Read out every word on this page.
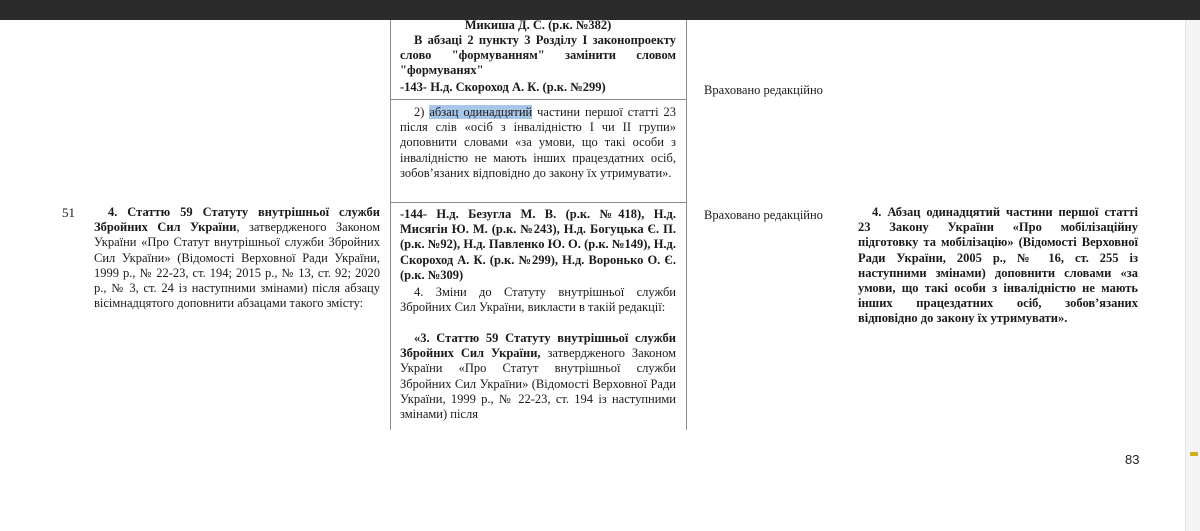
51	4. Статтю 59 Статуту внутрішньої служби Збройних Сил України, затвердженого Законом України «Про Статут внутрішньої служби Збройних Сил України» (Відомості Верховної Ради України, 1999 р., № 22-23, ст. 194; 2015 р., № 13, ст. 92; 2020 р., № 3, ст. 24 із наступними змінами) після абзацу вісімнадцятого доповнити абзацами такого змісту:

Микиша Д. С. (р.к. №382)
В абзаці 2 пункту 3 Розділу І законопроекту слово "формуванням" замінити словом "формуванях"
-143- Н.д. Скороход А. К. (р.к. №299)
2) абзац одинадцятий частини першої статті 23 після слів «осіб з інвалідністю І чи ІІ групи» доповнити словами «за умови, що такі особи з інвалідністю не мають інших працездатних осіб, зобов’язаних відповідно до закону їх утримувати».
-144- Н.д. Безугла М. В. (р.к. №418), Н.д. Мисягін Ю. М. (р.к. №243), Н.д. Богуцька Є. П. (р.к. №92), Н.д. Павленко Ю. О. (р.к. №149), Н.д. Скороход А. К. (р.к. №299), Н.д. Воронько О. Є. (р.к. №309)
4. Зміни до Статуту внутрішньої служби Збройних Сил України, викласти в такій редакції:
«3. Статтю 59 Статуту внутрішньої служби Збройних Сил України, затвердженого Законом України «Про Статут внутрішньої служби Збройних Сил України» (Відомості Верховної Ради України, 1999 р., № 22-23, ст. 194 із наступними змінами) після
Враховано редакційно
Враховано редакційно	4. Абзац одинадцятий частини першої статті 23 Закону України «Про мобілізаційну підготовку та мобілізацію» (Відомості Верховної Ради України, 2005 р., № 16, ст. 255 із наступними змінами) доповнити словами «за умови, що такі особи з інвалідністю не мають інших працездатних осіб, зобов’язаних відповідно до закону їх утримувати».
83
